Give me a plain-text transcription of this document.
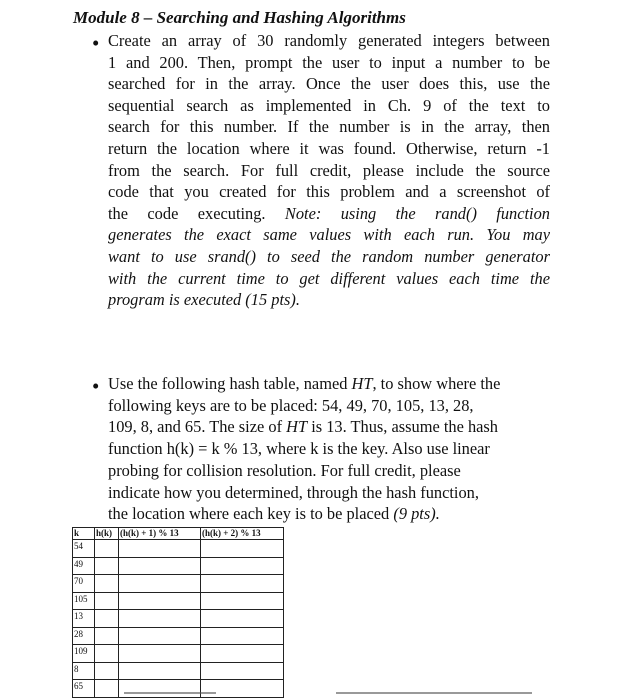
Module 8 – Searching and Hashing Algorithms
• Create an array of 30 randomly generated integers between
1 and 200. Then, prompt the user to input a number to be
searched for in the array. Once the user does this, use the
sequential search as implemented in Ch. 9 of the text to
search for this number. If the number is in the array, then
return the location where it was found. Otherwise, return -1
from the search. For full credit, please include the source
code that you created for this problem and a screenshot of
the code executing. Note: using the rand() function
generates the exact same values with each run. You may
want to use srand() to seed the random number generator
with the current time to get different values each time the
program is executed (15 pts).
• Use the following hash table, named HT, to show where the
following keys are to be placed: 54, 49, 70, 105, 13, 28,
109, 8, and 65. The size of HT is 13. Thus, assume the hash
function h(k) = k % 13, where k is the key. Also use linear
probing for collision resolution. For full credit, please
indicate how you determined, through the hash function,
the location where each key is to be placed (9 pts).
k	h(k)	(h(k) + 1) % 13	(h(k) + 2) % 13
54			
49			
70			
105			
13			
28			
109			
8			
65			
